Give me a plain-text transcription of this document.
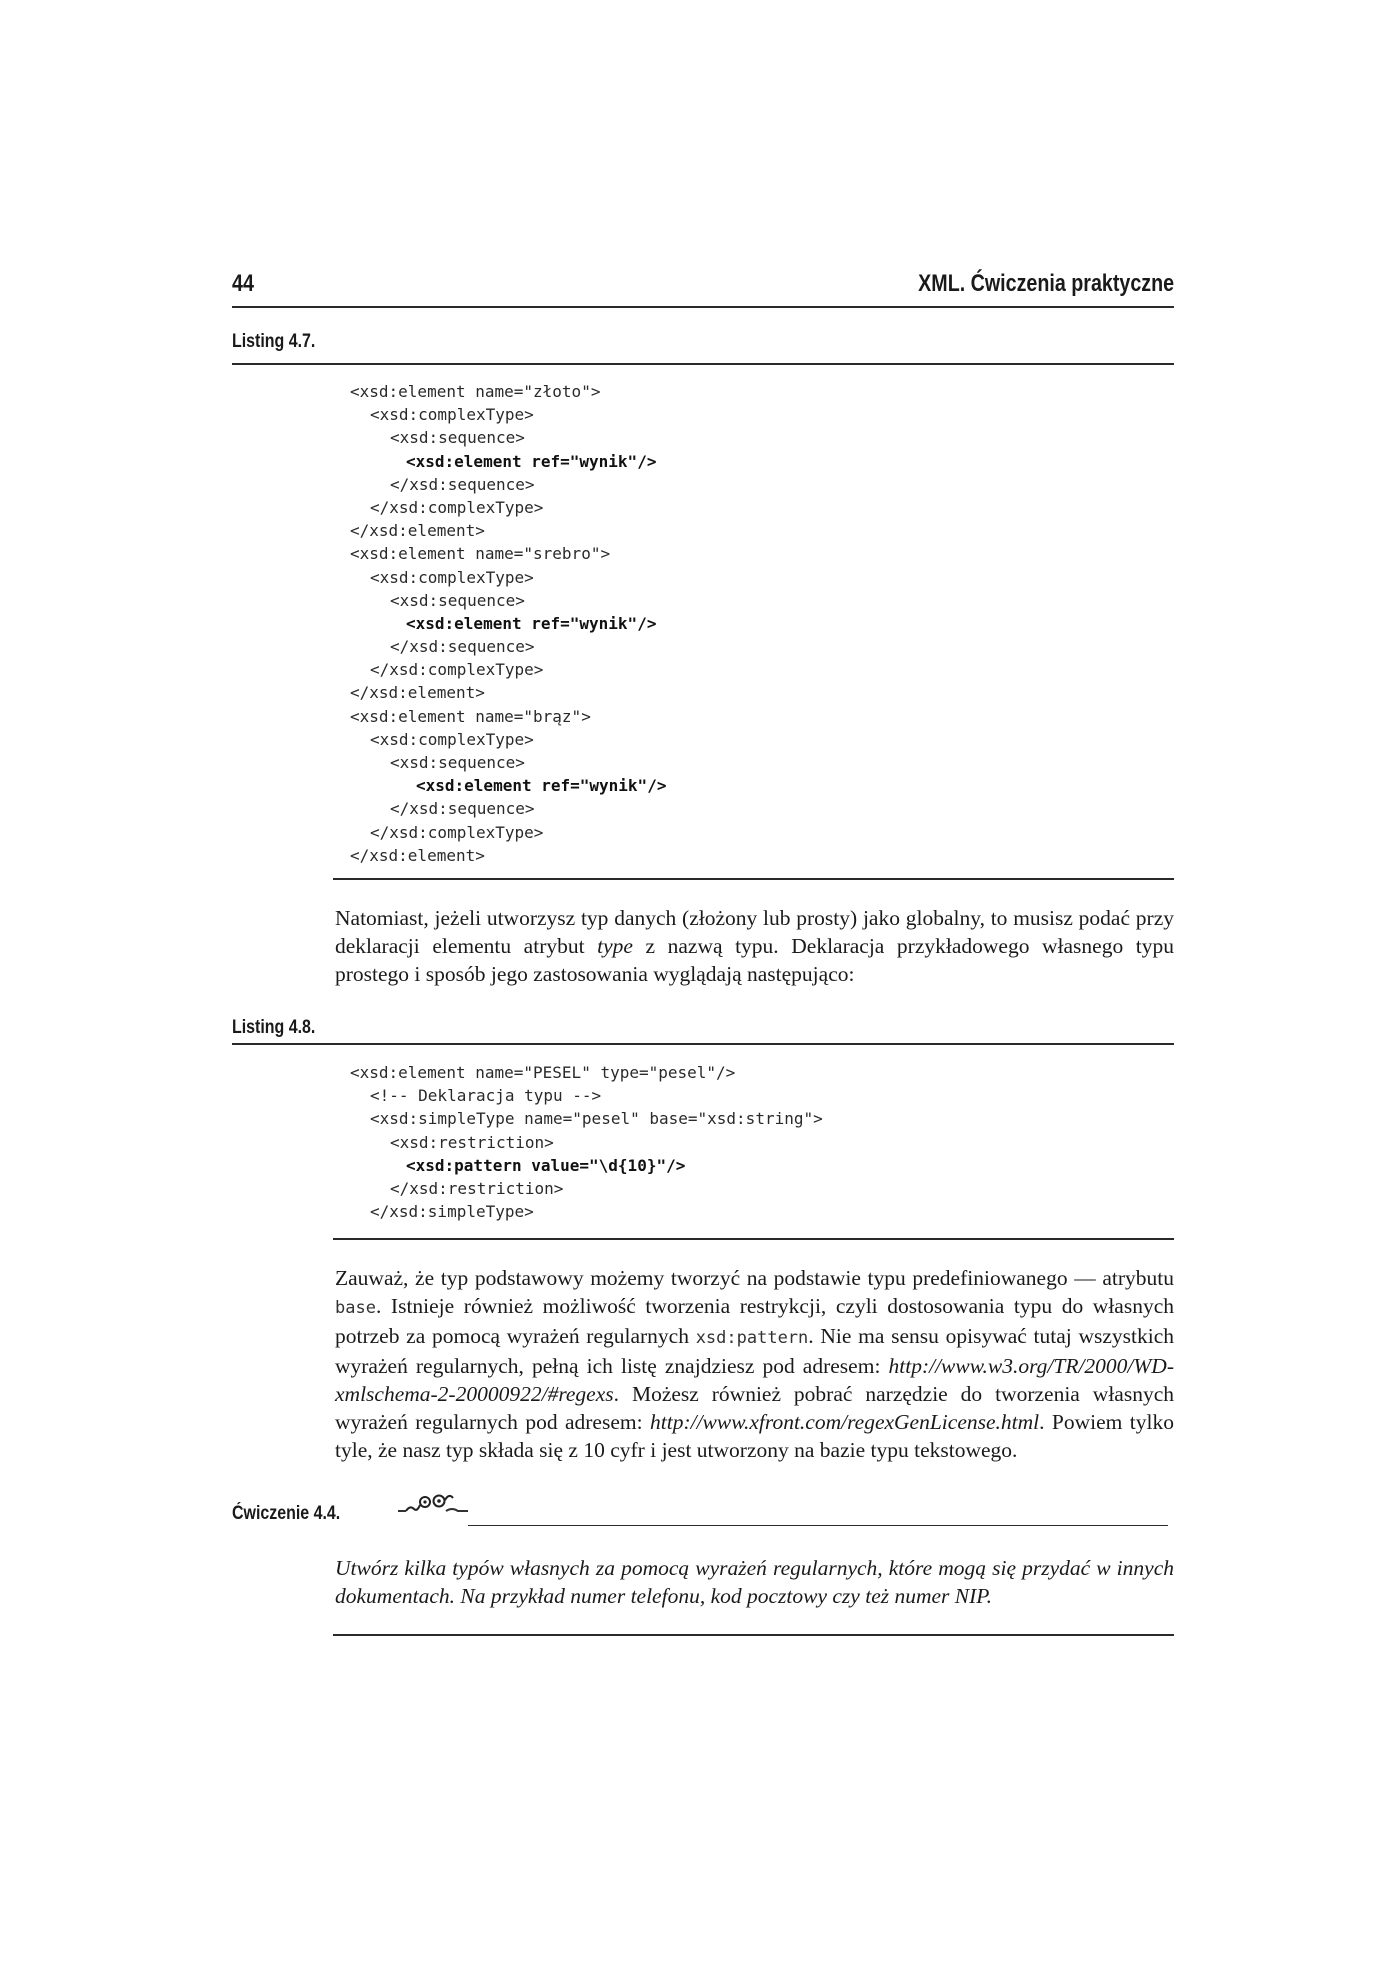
44	XML. Ćwiczenia praktyczne
Listing 4.7.
<xsd:element name="złoto">
<xsd:complexType>
<xsd:sequence>
<xsd:element ref="wynik"/>
</xsd:sequence>
</xsd:complexType>
</xsd:element>
<xsd:element name="srebro">
<xsd:complexType>
<xsd:sequence>
<xsd:element ref="wynik"/>
</xsd:sequence>
</xsd:complexType>
</xsd:element>
<xsd:element name="brąz">
<xsd:complexType>
<xsd:sequence>
<xsd:element ref="wynik"/>
</xsd:sequence>
</xsd:complexType>
</xsd:element>

Natomiast, jeżeli utworzysz typ danych (złożony lub prosty) jako globalny, to musisz podać przy deklaracji elementu atrybut type z nazwą typu. Deklaracja przykładowego własnego typu prostego i sposób jego zastosowania wyglądają następująco:

Listing 4.8.
<xsd:element name="PESEL" type="pesel"/>
<!-- Deklaracja typu -->
<xsd:simpleType name="pesel" base="xsd:string">
<xsd:restriction>
<xsd:pattern value="\d{10}"/>
</xsd:restriction>
</xsd:simpleType>

Zauważ, że typ podstawowy możemy tworzyć na podstawie typu predefiniowanego — atrybutu base. Istnieje również możliwość tworzenia restrykcji, czyli dostosowania typu do własnych potrzeb za pomocą wyrażeń regularnych xsd:pattern. Nie ma sensu opisywać tutaj wszystkich wyrażeń regularnych, pełną ich listę znajdziesz pod adresem: http://www.w3.org/TR/2000/WD-xmlschema-2-20000922/#regexs. Możesz również pobrać narzędzie do tworzenia własnych wyrażeń regularnych pod adresem: http://www.xfront.com/regexGenLicense.html. Powiem tylko tyle, że nasz typ składa się z 10 cyfr i jest utworzony na bazie typu tekstowego.

Ćwiczenie 4.4.

Utwórz kilka typów własnych za pomocą wyrażeń regularnych, które mogą się przydać w innych dokumentach. Na przykład numer telefonu, kod pocztowy czy też numer NIP.
